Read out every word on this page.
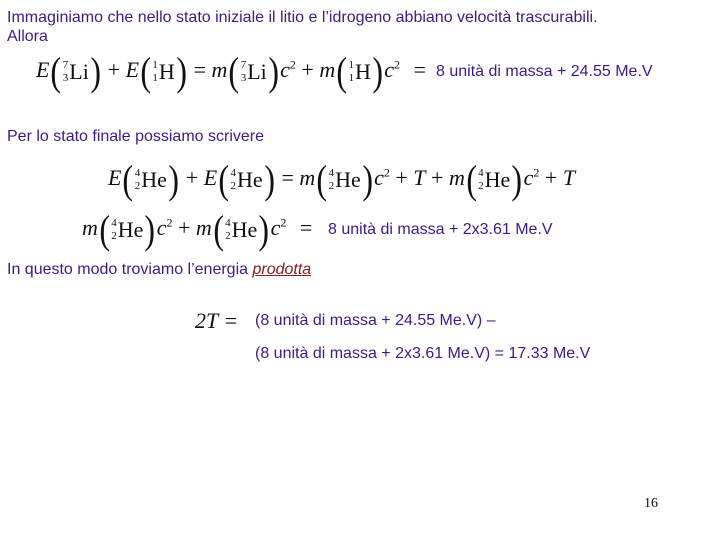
Immaginiamo che nello stato iniziale il litio e l’idrogeno abbiano velocità trascurabili.
Allora
E(7
3Li) + E(1
1H) = m(7
$3Li)c^2 + m(1$
$1H)c^2 = 8$ unità di massa + 24.55 Me.V
Per lo stato finale possiamo scrivere
E(4
2He) + E(4
2He) = m(4
$2He)c^2 + T + m(4$
$2He)c^2 + T$
m(4
$2He)c^2 + m(4$
$2He)c^2 = 8$ unità di massa + 2x3.61 Me.V
In questo modo troviamo l’energia prodotta
2T = (8 unità di massa + 24.55 Me.V) –
(8 unità di massa + 2x3.61 Me.V) = 17.33 Me.V
16
